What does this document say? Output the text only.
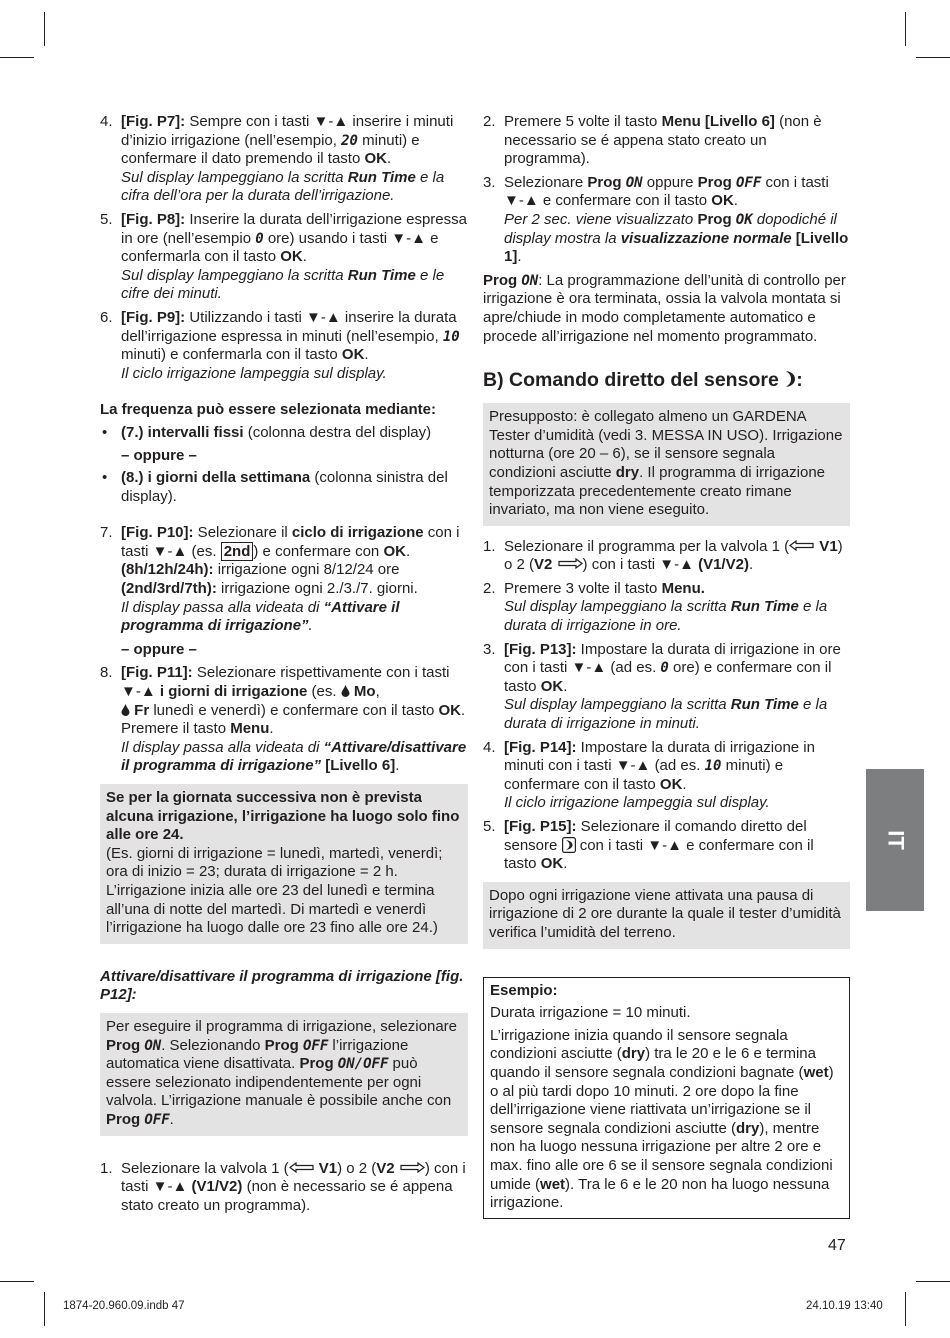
4. [Fig. P7]: Sempre con i tasti ▼-▲ inserire i minuti d’inizio irrigazione (nell’esempio, 20 minuti) e confermare il dato premendo il tasto OK.
Sul display lampeggiano la scritta Run Time e la cifra dell’ora per la durata dell’irrigazione.
5. [Fig. P8]: Inserire la durata dell’irrigazione espressa in ore (nell’esempio 0 ore) usando i tasti ▼-▲ e confermarla con il tasto OK.
Sul display lampeggiano la scritta Run Time e le cifre dei minuti.
6. [Fig. P9]: Utilizzando i tasti ▼-▲ inserire la durata dell’irrigazione espressa in minuti (nell’esempio, 10 minuti) e confermarla con il tasto OK.
Il ciclo irrigazione lampeggia sul display.

La frequenza può essere selezionata mediante:

• (7.) intervalli fissi (colonna destra del display)

– oppure –

• (8.) i giorni della settimana (colonna sinistra del display).
7. [Fig. P10]: Selezionare il ciclo di irrigazione con i tasti ▼-▲ (es. 2nd ) e confermare con OK.
(8h/12h/24h): irrigazione ogni 8/12/24 ore (2nd/3rd/7th): irrigazione ogni 2./3./7. giorni.
Il display passa alla videata di “Attivare il programma di irrigazione”.

– oppure –

8. [Fig. P11]: Selezionare rispettivamente con i tasti ▼-▲ i giorni di irrigazione (es.  Mo,
Fr lunedì e venerdì) e confermare con il tasto OK. Premere il tasto Menu.
Il display passa alla videata di “Attivare/disattivare il programma di irrigazione” [Livello 6].

Se per la giornata successiva non è prevista alcuna irrigazione, l’irrigazione ha luogo solo fino alle ore 24.

(Es. giorni di irrigazione = lunedì, martedì, venerdì; ora di inizio = 23; durata di irrigazione = 2 h. L’irrigazione inizia alle ore 23 del lunedì e termina all’una di notte del martedì. Di martedì e venerdì l’irrigazione ha luogo dalle ore 23 fino alle ore 24.)

Attivare/disattivare il programma di irrigazione [fig. P12]:

Per eseguire il programma di irrigazione, selezionare Prog ON. Selezionando Prog OFF l’irrigazione automatica viene disattivata. Prog ON/OFF può essere selezionato indipendentemente per ogni valvola. L’irrigazione manuale è possibile anche con Prog OFF.
1. Selezionare la valvola 1 ( V1) o 2 (V2 ) con i tasti ▼-▲ (V1/V2) (non è necessario se é appena stato creato un programma).
2. Premere 5 volte il tasto Menu [Livello 6] (non è necessario se é appena stato creato un programma).
3. Selezionare Prog ON oppure Prog OFF con i tasti ▼-▲ e confermare con il tasto OK.
Per 2 sec. viene visualizzato Prog OK dopodiché il display mostra la visualizzazione normale [Livello 1].

Prog ON: La programmazione dell’unità di controllo per irrigazione è ora terminata, ossia la valvola montata si apre/chiude in modo completamente automatico e procede all’irrigazione nel momento programmato.

B) Comando diretto del sensore :

Presupposto: è collegato almeno un GARDENA Tester d’umidità (vedi 3. MESSA IN USO). Irrigazione notturna (ore 20 – 6), se il sensore segnala condizioni asciutte dry. Il programma di irrigazione temporizzata precedentemente creato rimane invariato, ma non viene eseguito.
1. Selezionare il programma per la valvola 1 ( V1) o 2 (V2 ) con i tasti ▼-▲ (V1/V2).
2. Premere 3 volte il tasto Menu.
Sul display lampeggiano la scritta Run Time e la durata di irrigazione in ore.
3. [Fig. P13]: Impostare la durata di irrigazione in ore con i tasti ▼-▲ (ad es. 0 ore) e confermare con il tasto OK.
Sul display lampeggiano la scritta Run Time e la durata di irrigazione in minuti.
4. [Fig. P14]: Impostare la durata di irrigazione in minuti con i tasti ▼-▲ (ad es. 10 minuti) e confermare con il tasto OK.
Il ciclo irrigazione lampeggia sul display.
5. [Fig. P15]: Selezionare il comando diretto del sensore  con i tasti ▼-▲ e confermare con il tasto OK.
Dopo ogni irrigazione viene attivata una pausa di irrigazione di 2 ore durante la quale il tester d’umidità verifica l’umidità del terreno.

Esempio:

Durata irrigazione = 10 minuti.

L’irrigazione inizia quando il sensore segnala condizioni asciutte (dry) tra le 20 e le 6 e termina quando il sensore segnala condizioni bagnate (wet) o al più tardi dopo 10 minuti. 2 ore dopo la fine dell’irrigazione viene riattivata un’irrigazione se il sensore segnala condizioni asciutte (dry), mentre non ha luogo nessuna irrigazione per altre 2 ore e max. fino alle ore 6 se il sensore segnala condizioni umide (wet). Tra le 6 e le 20 non ha luogo nessuna irrigazione.

IT
47
1874-20.960.09.indb 47	24.10.19 13:40
